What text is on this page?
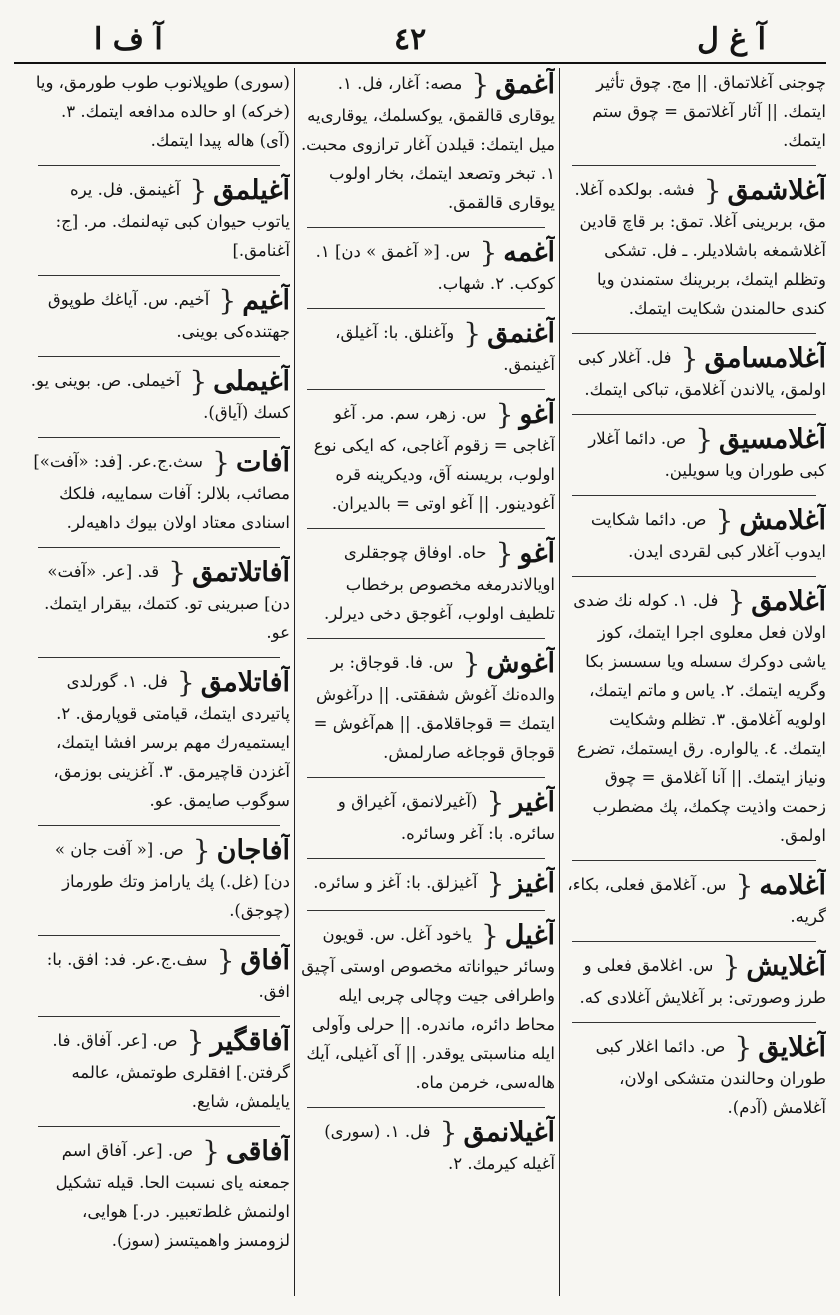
آ غ ل
٤٢
آ ف ا
چوجنی آغلاتماق. || مج. چوق تأثیر ایتمك. || آثار آغلاتمق = چوق ستم ایتمك.
آغلاشمق{ فشه. بولكده آغلا. مق، بربرینی آغلا. تمق: بر قاچ قادین آغلاشمغه باشلادیلر. ـ فل. تشكی وتظلم ایتمك، بربرینك ستمندن ویا كندی حالمندن شكایت ایتمك.
آغلامسامق{ فل. آغلار كبی اولمق، یالاندن آغلامق، تباكی ایتمك.
آغلامسیق{ ص. دائما آغلار كبی طوران ویا سویلین.
آغلامش{ ص. دائما شكایت ایدوب آغلار كبی لقردی ایدن.
آغلامق{ فل. ١. كوله نك ضدی اولان فعل معلوی اجرا ایتمك، كوز یاشی دوكرك سسله ویا سسسز بكا وگریه ایتمك. ٢. یاس و ماتم ایتمك، اولویه آغلامق. ٣. تظلم وشكایت ایتمك. ٤. یالواره. رق ایستمك، تضرع ونیاز ایتمك. || آنا آغلامق = چوق زحمت واذیت چكمك، پك مضطرب اولمق.
آغلامه{ س. آغلامق فعلی، بكاء، گریه.
آغلایش{ س. اغلامق فعلی و طرز وصورتی: بر آغلایش آغلادی كه.
آغلایق{ ص. دائما اغلار كبی طوران وحالندن متشكی اولان، آغلامش (آدم).
آغمق{ مصه: آغار، فل. ١. یوقاری قالقمق، یوكسلمك، یوقاری‌یه میل ایتمك: قیلدن آغار ترازوی محبت. ١. تبخر وتصعد ایتمك، بخار اولوب یوقاری قالقمق.
آغمه{ س. [« آغمق » دن] ١. كوكب. ٢. شهاب.
آغنمق{ وآغنلق. با: آغیلق، آغینمق.
آغو{ س. زهر، سم. مر. آغو آغاجی = زقوم آغاجی، كه ایكی نوع اولوب، بریسنه آق، ودیكرینه قره آغودینور. || آغو اوتی = بالدیران.
آغو{ حاه. اوفاق چوجقلری اویالاندرمغه مخصوص برخطاب تلطیف اولوب، آغوجق دخی دیرلر.
آغوش{ س. فا. قوجاق: بر والده‌نك آغوش شفقتی. || درآغوش ایتمك = قوجاقلامق. || هم‌آغوش = قوجاق قوجاغه صارلمش.
آغیر{ (آغیرلانمق، آغیراق و سائره. با: آغر وسائره.
آغیز{ آغیزلق. با: آغز و سائره.
آغیل{ یاخود آغل. س. قویون وسائر حیواناته مخصوص اوستی آچیق واطرافی جیت وچالی چربی ایله محاط دائره، ماندره. || حرلی وآولی ایله مناسبتی یوقدر. || آی آغیلی، آیك هاله‌سی، خرمن ماه.
آغیلانمق{ فل. ١. (سوری) آغیله كیرمك. ٢.
(سوری) طوپلانوب طوب طورمق، ویا (خركه) او حالده مدافعه ایتمك. ٣. (آی) هاله پیدا ایتمك.
آغیلمق{ آغینمق. فل. یره یاتوب حیوان كبی تپه‌لنمك. مر. [ج: آغنامق.]
آغیم{ آخیم. س. آیاغك طوپوق جهتنده‌كی بوینی.
آغیملی{ آخیملی. ص. بوینی یو. كسك (آیاق).
آفات{ سث.ج.عر. [فد: «آفت»] مصائب، بلالر: آفات سماییه، فلكك اسنادی معتاد اولان بیوك داهیه‌لر.
آفاتلاتمق{ قد. [عر. «آفت» دن] صبرینی تو. كتمك، بیقرار ایتمك. عو.
آفاتلامق{ فل. ١. گورلدی پاتیردی ایتمك، قیامتی قوپارمق. ٢. ایستمیه‌رك مهم برسر افشا ایتمك، آغزدن قاچیرمق. ٣. آغزینی بوزمق، سوگوب صایمق. عو.
آفاجان{ ص. [« آفت جان » دن] (غل.) پك یارامز وتك طورماز (چوجق).
آفاق{ سف.ج.عر. فد: افق. با: افق.
آفاقگیر{ ص. [عر. آفاق. فا. گرفتن.] افقلری طوتمش، عالمه یایلمش، شایع.
آفاقی{ ص. [عر. آفاق اسم جمعنه یای نسبت الحا. قیله تشكیل اولنمش غلط‌تعبیر. در.] هوایی، لزومسز واهمیتسز (سوز).
